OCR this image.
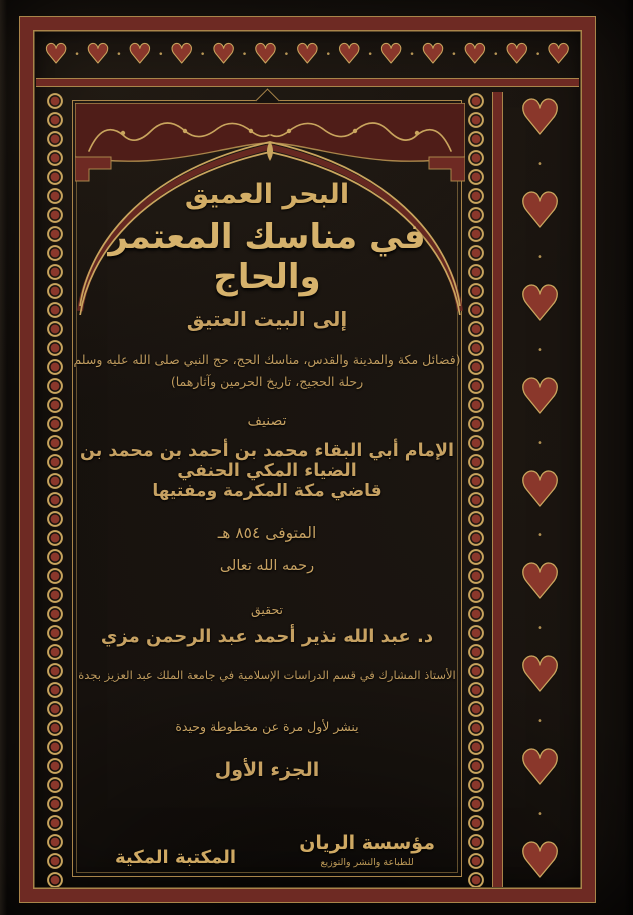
♥ • ♥ • ♥ • ♥ • ♥ • ♥ • ♥ • ♥ • ♥ • ♥ • ♥ • ♥ • ♥
♥
•
♥
•
♥
•
♥
•
♥
•
♥
•
♥
•
♥
•
♥
البحر العميق
في مناسك المعتمر والحاج
إلى البيت العتيق
(فضائل مكة والمدينة والقدس، مناسك الحج، حج النبي صلى الله عليه وسلم
رحلة الحجيج، تاريخ الحرمين وآثارهما)
تصنيف
الإمام أبي البقاء محمد بن أحمد بن محمد بن الضياء المكي الحنفي
قاضي مكة المكرمة ومفتيها
المتوفى ٨٥٤ هـ
رحمه الله تعالى
تحقيق
د. عبد الله نذير أحمد عبد الرحمن مزي
الأستاذ المشارك في قسم الدراسات الإسلامية في جامعة الملك عبد العزيز بجدة
ينشر لأول مرة عن مخطوطة وحيدة
الجزء الأول
مؤسسة الريان
للطباعة والنشر والتوزيع
المكتبة المكية
